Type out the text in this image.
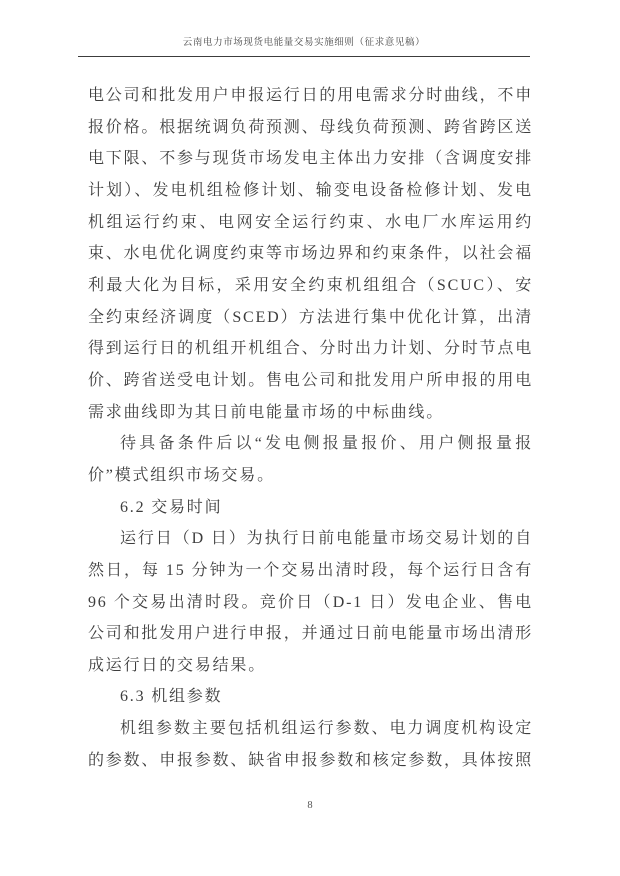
云南电力市场现货电能量交易实施细则（征求意见稿）

电公司和批发用户申报运行日的用电需求分时曲线，不申报价格。根据统调负荷预测、母线负荷预测、跨省跨区送电下限、不参与现货市场发电主体出力安排（含调度安排计划）、发电机组检修计划、输变电设备检修计划、发电机组运行约束、电网安全运行约束、水电厂水库运用约束、水电优化调度约束等市场边界和约束条件，以社会福利最大化为目标，采用安全约束机组组合（SCUC）、安全约束经济调度（SCED）方法进行集中优化计算，出清得到运行日的机组开机组合、分时出力计划、分时节点电价、跨省送受电计划。售电公司和批发用户所申报的用电需求曲线即为其日前电能量市场的中标曲线。

待具备条件后以“发电侧报量报价、用户侧报量报价”模式组织市场交易。

6.2 交易时间

运行日（D 日）为执行日前电能量市场交易计划的自然日，每 15 分钟为一个交易出清时段，每个运行日含有 96 个交易出清时段。竞价日（D-1 日）发电企业、售电公司和批发用户进行申报，并通过日前电能量市场出清形成运行日的交易结果。

6.3 机组参数

机组参数主要包括机组运行参数、电力调度机构设定的参数、申报参数、缺省申报参数和核定参数，具体按照

8
